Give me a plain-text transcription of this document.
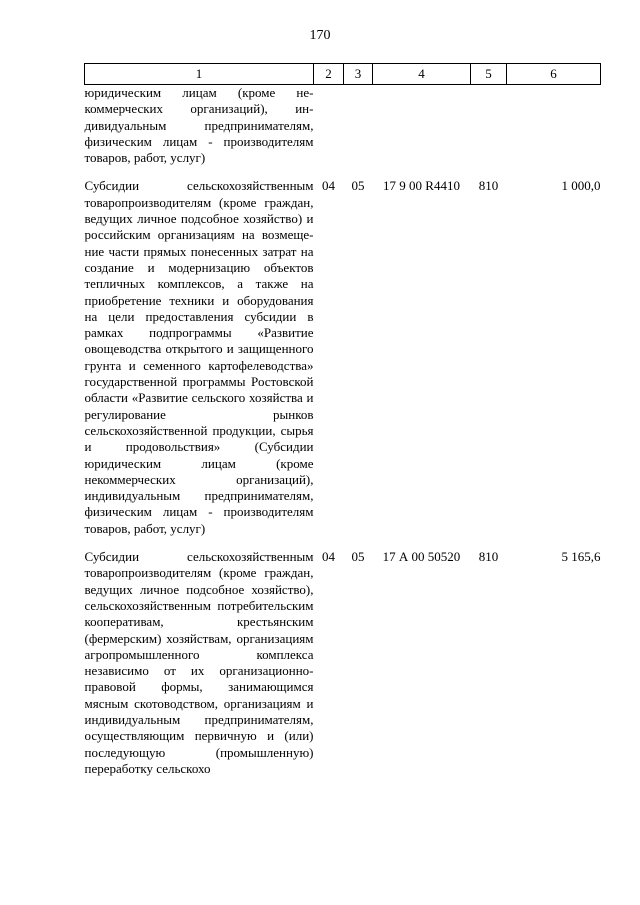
170
1	2	3	4	5	6
юридическим лицам (кроме некоммерческих организаций), индивидуальным предпринимателям, физическим лицам - производителям товаров, работ, услуг)					

Субсидии сельскохозяйственным товаропроизводителям (кроме граждан, ведущих личное подсобное хозяйство) и российским организациям на возмещение части прямых понесенных затрат на создание и модернизацию объектов тепличных комплексов, а также на приобретение техники и оборудования на цели предоставления субсидии в рамках подпрограммы «Развитие овощеводства открытого и защищенного грунта и семенного картофелеводства» государственной программы Ростовской области «Развитие сельского хозяйства и регулирование рынков сельскохозяйственной продукции, сырья и продовольствия» (Субсидии юридическим лицам (кроме некоммерческих организаций), индивидуальным предпринимателям, физическим лицам - производителям товаров, работ, услуг)	04	05	17 9 00 R4410	810	1 000,0

Субсидии сельскохозяйственным товаропроизводителям (кроме граждан, ведущих личное подсобное хозяйство), сельскохозяйственным потребительским кооперативам, крестьянским (фермерским) хозяйствам, организациям агропромышленного комплекса независимо от их организационно-правовой формы, занимающимся мясным скотоводством, организациям и индивидуальным предпринимателям, осуществляющим первичную и (или) последующую (промышленную) переработку сельскохо	04	05	17 А 00 50520	810	5 165,6
